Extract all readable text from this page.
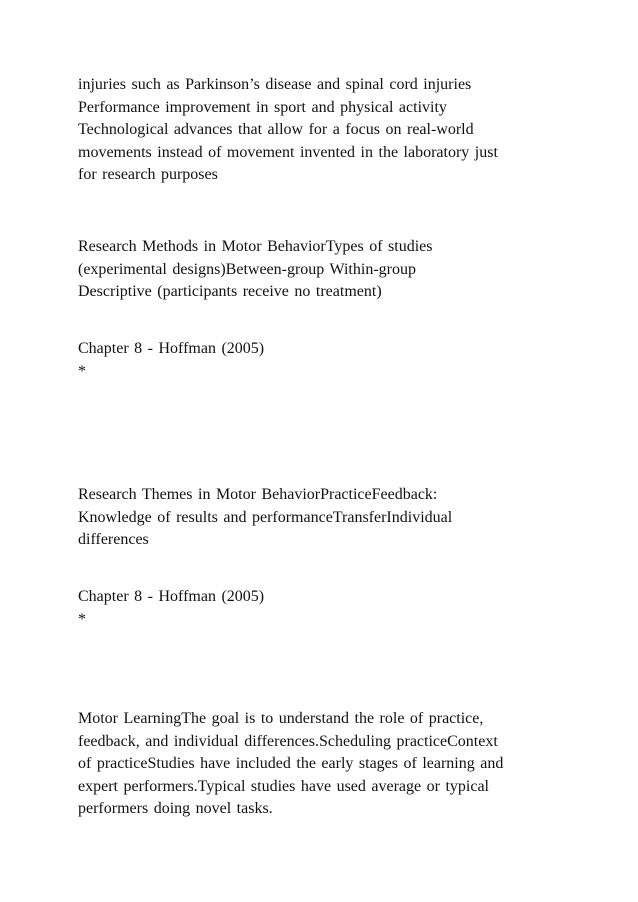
injuries such as Parkinson’s disease and spinal cord injuries
Performance improvement in sport and physical activity
Technological advances that allow for a focus on real-world
movements instead of movement invented in the laboratory just
for research purposes

Research Methods in Motor BehaviorTypes of studies
(experimental designs)Between-group Within-group
Descriptive (participants receive no treatment)

Chapter 8 - Hoffman (2005)
*

Research Themes in Motor BehaviorPracticeFeedback:
Knowledge of results and performanceTransferIndividual
differences

Chapter 8 - Hoffman (2005)
*

Motor LearningThe goal is to understand the role of practice,
feedback, and individual differences.Scheduling practiceContext
of practiceStudies have included the early stages of learning and
expert performers.Typical studies have used average or typical
performers doing novel tasks.
